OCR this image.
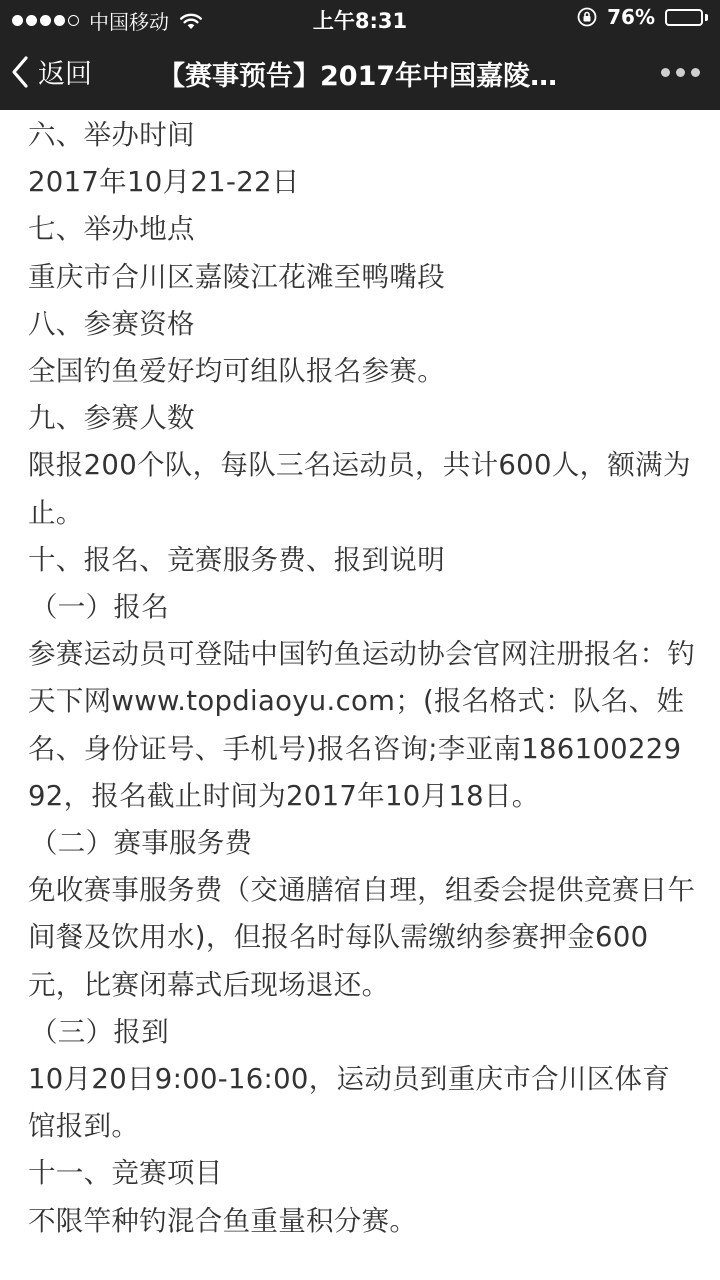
中国移动	上午8:31	76%
返回 【赛事预告】2017年中国嘉陵…

六、举办时间

2017年10月21-22日

七、举办地点

重庆市合川区嘉陵江花滩至鸭嘴段

八、参赛资格

全国钓鱼爱好均可组队报名参赛。

九、参赛人数

限报200个队，每队三名运动员，共计600人，额满为止。

十、报名、竞赛服务费、报到说明

（一）报名

参赛运动员可登陆中国钓鱼运动协会官网注册报名：钓天下网www.topdiaoyu.com；(报名格式：队名、姓名、身份证号、手机号)报名咨询;李亚南18610022992，报名截止时间为2017年10月18日。

（二）赛事服务费

免收赛事服务费（交通膳宿自理，组委会提供竞赛日午间餐及饮用水)，但报名时每队需缴纳参赛押金600元，比赛闭幕式后现场退还。

（三）报到

10月20日9:00-16:00，运动员到重庆市合川区体育馆报到。

十一、竞赛项目

不限竿种钓混合鱼重量积分赛。
